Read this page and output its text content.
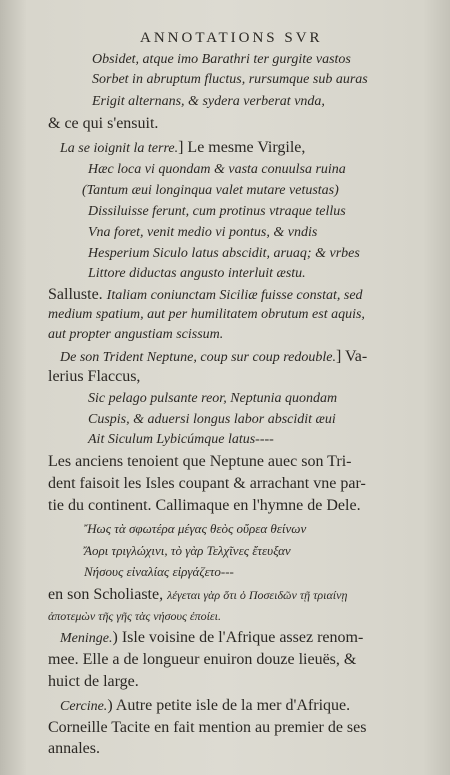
ANNOTATIONS SVR
Obsidet, atque imo Barathri ter gurgite vastos
Sorbet in abruptum fluctus, rursumque sub auras
Erigit alternans, & sydera verberat vnda,
& ce qui s'ensuit.
La se ioignit la terre.] Le mesme Virgile,
Hæc loca vi quondam & vasta conuulsa ruina
(Tantum æui longinqua valet mutare vetustas)
Dissiluisse ferunt, cum protinus vtraque tellus
Vna foret, venit medio vi pontus, & vndis
Hesperium Siculo latus abscidit, aruaq; & vrbes
Littore diductas angusto interluit æstu.
Salluste. Italiam coniunctam Siciliæ fuisse constat, sed
medium spatium, aut per humilitatem obrutum est aquis,
aut propter angustiam scissum.
De son Trident Neptune, coup sur coup redouble.] Va-
lerius Flaccus,
Sic pelago pulsante reor, Neptunia quondam
Cuspis, & aduersi longus labor abscidit æui
Ait Siculum Lybicúmque latus----
Les anciens tenoient que Neptune auec son Tri-
dent faisoit les Isles coupant & arrachant vne par-
tie du continent. Callimaque en l'hymne de Dele.
Ἤως τὰ σφωτέρα μέγας θεὸς οὔρεα θείνων
Ἄορι τριγλώχινι, τὸ γὰρ Τελχῖνες ἔτευξαν
Νήσους εἰναλίας εἰργάζετο---
en son Scholiaste, λέγεται γὰρ ὅτι ὁ Ποσειδῶν τῇ τριαίνῃ
ἀποτεμὼν τῆς γῆς τὰς νήσους ἐποίει.
Meninge.) Isle voisine de l'Afrique assez renom-
mee. Elle a de longueur enuiron douze lieuës, &
huict de large.
Cercine.) Autre petite isle de la mer d'Afrique.
Corneille Tacite en fait mention au premier de ses
annales.
